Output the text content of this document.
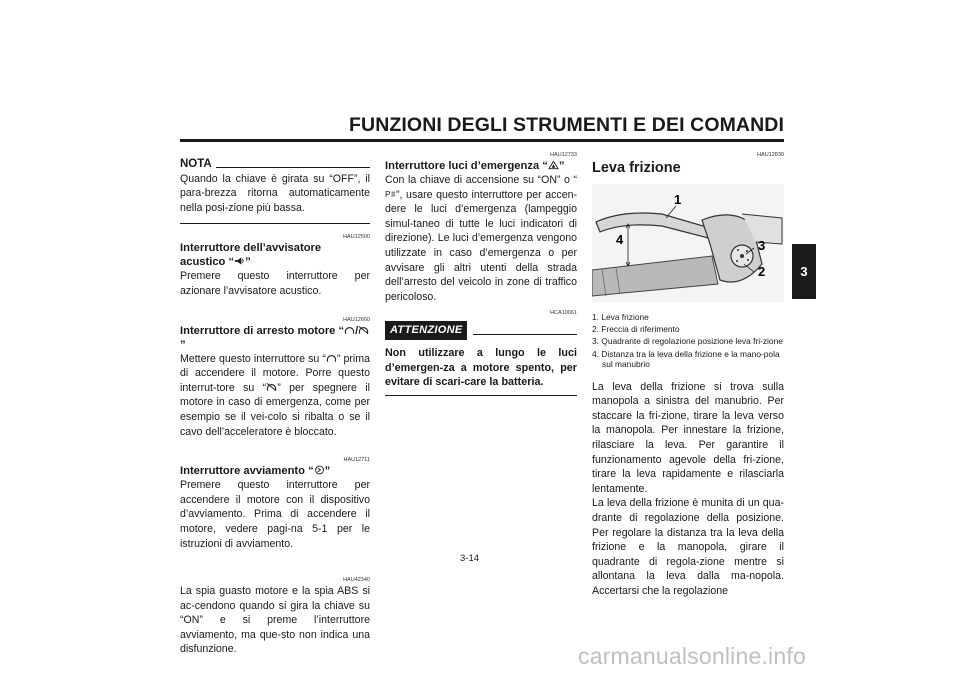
FUNZIONI DEGLI STRUMENTI E DEI COMANDI
3
NOTA

Quando la chiave è girata su “OFF”, il para-brezza ritorna automaticamente nella posi-zione più bassa.

HAU12500
Interruttore dell’avvisatore
acustico “ ”

Premere questo interruttore per azionare l’avvisatore acustico.

HAU12660
Interruttore di arresto motore “ /”

Mettere questo interruttore su “ ” prima di accendere il motore. Porre questo interrut-tore su “ ” per spegnere il motore in caso di emergenza, come per esempio se il vei-colo si ribalta o se il cavo dell’acceleratore è bloccato.

HAU12711
Interruttore avviamento “ ”

Premere questo interruttore per accendere il motore con il dispositivo d’avviamento. Prima di accendere il motore, vedere pagi-na 5-1 per le istruzioni di avviamento.

HAU42340

La spia guasto motore e la spia ABS si ac-cendono quando si gira la chiave su “ON” e si preme l’interruttore avviamento, ma que-sto non indica una disfunzione.

HAU12733
Interruttore luci d’emergenza “ ”

Con la chiave di accensione su “ON” o “
P ”, usare questo interruttore per accen-dere le luci d’emergenza (lampeggio simul-taneo di tutte le luci indicatori di direzione). Le luci d’emergenza vengono utilizzate in caso d’emergenza o per avvisare gli altri utenti della strada dell’arresto del veicolo in zone di traffico pericoloso.

HCA10061
ATTENZIONE

Non utilizzare a lungo le luci d’emergen-za a motore spento, per evitare di scari-care la batteria.

HAU12830
Leva frizione
1
4	3
2
1. Leva frizione
2. Freccia di riferimento
3. Quadrante di regolazione posizione leva fri-zione
4. Distanza tra la leva della frizione e la mano-pola sul manubrio

La leva della frizione si trova sulla manopola a sinistra del manubrio. Per staccare la fri-zione, tirare la leva verso la manopola. Per innestare la frizione, rilasciare la leva. Per garantire il funzionamento agevole della fri-zione, tirare la leva rapidamente e rilasciarla lentamente.
La leva della frizione è munita di un qua-drante di regolazione della posizione. Per regolare la distanza tra la leva della frizione e la manopola, girare il quadrante di regola-zione mentre si allontana la leva dalla ma-nopola. Accertarsi che la regolazione

3-14
carmanualsonline.info
